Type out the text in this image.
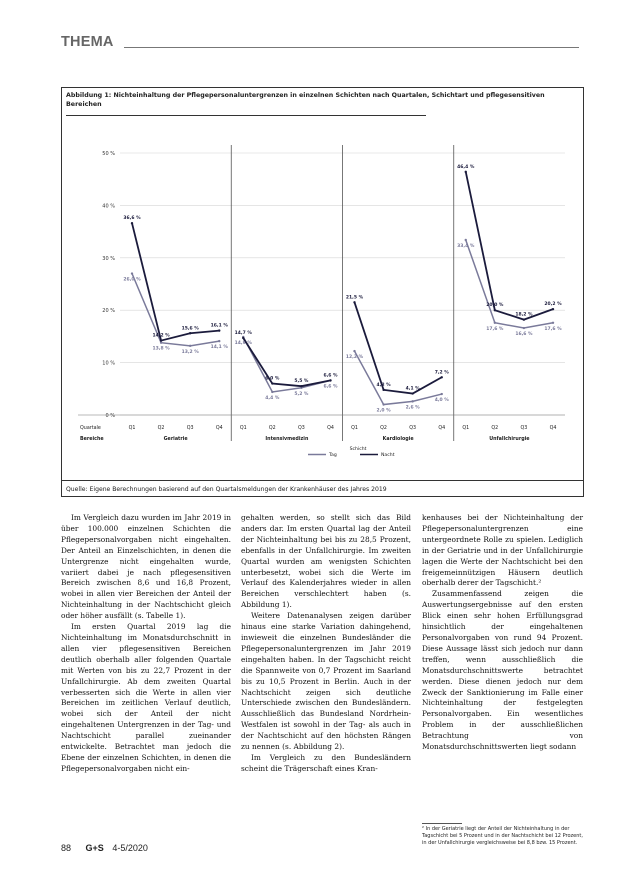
THEMA
Abbildung 1: Nichteinhaltung der Pflegepersonaluntergrenzen in einzelnen Schichten nach Quartalen, Schichtart und pflegesensitiven Bereichen
0 %
10 %
20 %
30 %
40 %
50 %
Quartale
Bereiche
Q1	Q2	Q3	Q4
Geriatrie
26,0 %
13,8 %
13,2 %
14,1 %
36,6 %
14,2 %
15,6 %
16,1 %
Q1	Q2	Q3	Q4
Intensivmedizin
14,9 %
4,4 %
5,2 %
6,6 %
14,7 %
6,0 %
5,5 %
6,6 %
Q1	Q2	Q3	Q4
Kardiologie
12,2 %
2,0 %
2,6 %
4,0 %
21,5 %
4,8 %
4,1 %
7,2 %
Q1	Q2	Q3	Q4
Unfallchirurgie
33,4 %
17,6 %
16,6 %
17,6 %
46,4 %
20,0 %
18,2 %
20,2 %
Schicht
Tag	Nacht
Quelle: Eigene Berechnungen basierend auf den Quartalsmeldungen der Krankenhäuser des Jahres 2019

Im Vergleich dazu wurden im Jahr 2019 in über 100.000 einzelnen Schichten die Pflegepersonalvorgaben nicht eingehalten. Der Anteil an Einzelschichten, in denen die Untergrenze nicht eingehalten wurde, variiert dabei je nach pflegesensitiven Bereich zwischen 8,6 und 16,8 Prozent, wobei in allen vier Bereichen der Anteil der Nichteinhaltung in der Nachtschicht gleich oder höher ausfällt (s. Tabelle 1).

Im ersten Quartal 2019 lag die Nichteinhaltung im Monatsdurchschnitt in allen vier pflegesensitiven Bereichen deutlich oberhalb aller folgenden Quartale mit Werten von bis zu 22,7 Prozent in der Unfallchirurgie. Ab dem zweiten Quartal verbesserten sich die Werte in allen vier Bereichen im zeitlichen Verlauf deutlich, wobei sich der Anteil der nicht eingehaltenen Untergrenzen in der Tag- und Nachtschicht parallel zueinander entwickelte. Betrachtet man jedoch die Ebene der einzelnen Schichten, in denen die Pflegepersonalvorgaben nicht ein-

gehalten werden, so stellt sich das Bild anders dar. Im ersten Quartal lag der Anteil der Nichteinhaltung bei bis zu 28,5 Prozent, ebenfalls in der Unfallchirurgie. Im zweiten Quartal wurden am wenigsten Schichten unterbesetzt, wobei sich die Werte im Verlauf des Kalenderjahres wieder in allen Bereichen verschlechtert haben (s. Abbildung 1).

Weitere Datenanalysen zeigen darüber hinaus eine starke Variation dahingehend, inwieweit die einzelnen Bundesländer die Pflegepersonaluntergrenzen im Jahr 2019 eingehalten haben. In der Tagschicht reicht die Spannweite von 0,7 Prozent im Saarland bis zu 10,5 Prozent in Berlin. Auch in der Nachtschicht zeigen sich deutliche Unterschiede zwischen den Bundesländern. Ausschließlich das Bundesland Nordrhein-Westfalen ist sowohl in der Tag- als auch in der Nachtschicht auf den höchsten Rängen zu nennen (s. Abbildung 2).

Im Vergleich zu den Bundesländern scheint die Trägerschaft eines Kran-

kenhauses bei der Nichteinhaltung der Pflegepersonaluntergrenzen eine untergeordnete Rolle zu spielen. Lediglich in der Geriatrie und in der Unfallchirurgie lagen die Werte der Nachtschicht bei den freigemeinnützigen Häusern deutlich oberhalb derer der Tagschicht.²

Zusammenfassend zeigen die Auswertungsergebnisse auf den ersten Blick einen sehr hohen Erfüllungsgrad hinsichtlich der eingehaltenen Personalvorgaben von rund 94 Prozent. Diese Aussage lässt sich jedoch nur dann treffen, wenn ausschließlich die Monatsdurchschnittswerte betrachtet werden. Diese dienen jedoch nur dem Zweck der Sanktionierung im Falle einer Nichteinhaltung der festgelegten Personalvorgaben. Ein wesentliches Problem in der ausschließlichen Betrachtung von Monatsdurchschnittswerten liegt sodann

² In der Geriatrie liegt der Anteil der Nichteinhaltung in der Tagschicht bei 5 Prozent und in der Nachtschicht bei 12 Prozent, in der Unfallchirurgie vergleichsweise bei 8,8 bzw. 15 Prozent.
88 G+S 4-5/2020
